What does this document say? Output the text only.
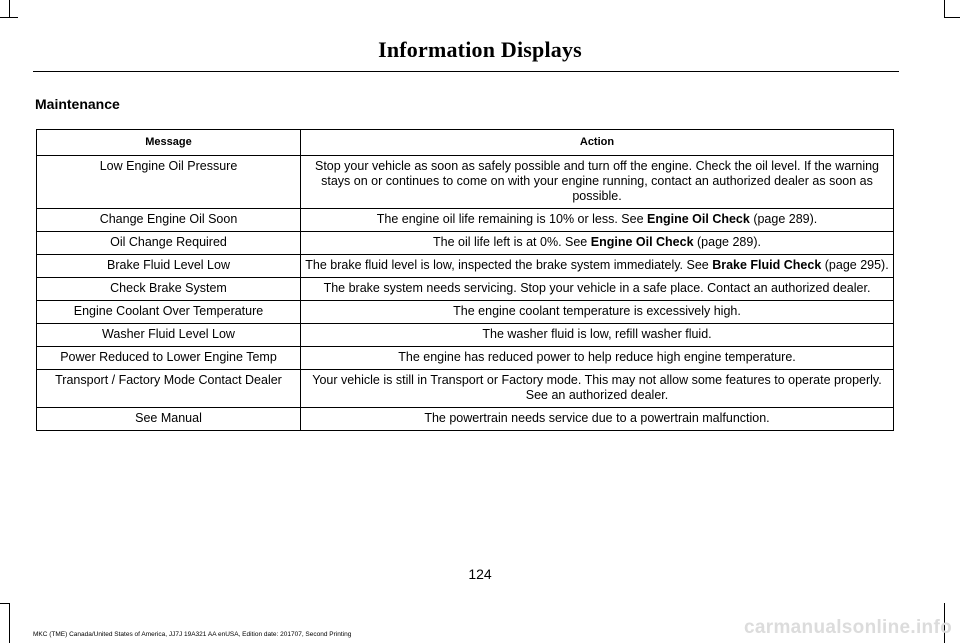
Information Displays
Maintenance
Message	Action
Low Engine Oil Pressure	Stop your vehicle as soon as safely possible and turn off the engine. Check the oil level. If the warning stays on or continues to come on with your engine running, contact an authorized dealer as soon as possible.
Change Engine Oil Soon	The engine oil life remaining is 10% or less. See Engine Oil Check (page 289).
Oil Change Required	The oil life left is at 0%. See Engine Oil Check (page 289).
Brake Fluid Level Low	The brake fluid level is low, inspected the brake system immediately. See Brake Fluid Check (page 295).
Check Brake System	The brake system needs servicing. Stop your vehicle in a safe place. Contact an authorized dealer.
Engine Coolant Over Temperature	The engine coolant temperature is excessively high.
Washer Fluid Level Low	The washer fluid is low, refill washer fluid.
Power Reduced to Lower Engine Temp	The engine has reduced power to help reduce high engine temperature.
Transport / Factory Mode Contact Dealer	Your vehicle is still in Transport or Factory mode. This may not allow some features to operate properly. See an authorized dealer.
See Manual	The powertrain needs service due to a powertrain malfunction.
124
MKC (TME) Canada/United States of America, JJ7J 19A321 AA enUSA, Edition date: 201707, Second Printing	carmanualsonline.info
